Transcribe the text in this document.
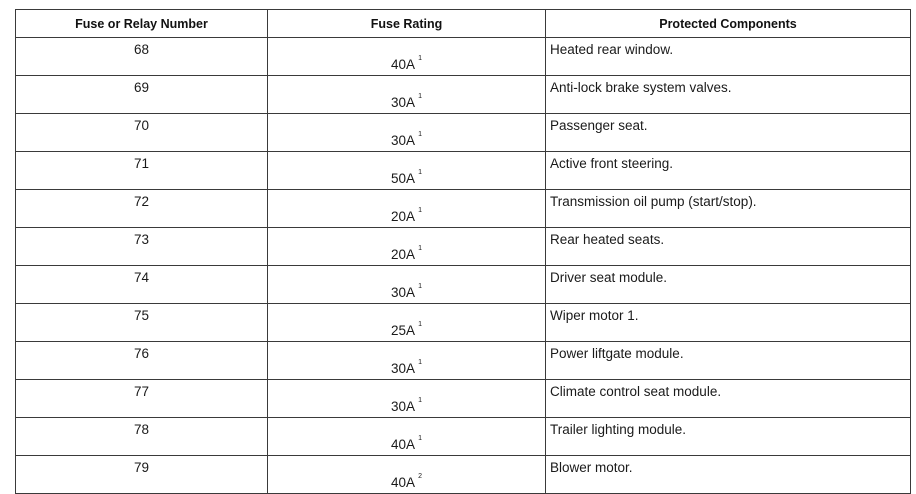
Fuse or Relay Number	Fuse Rating	Protected Components
68	40A $^1$	Heated rear window.
69	30A $^1$	Anti-lock brake system valves.
70	30A $^1$	Passenger seat.
71	50A $^1$	Active front steering.
72	20A $^1$	Transmission oil pump (start/stop).
73	20A $^1$	Rear heated seats.
74	30A $^1$	Driver seat module.
75	25A $^1$	Wiper motor 1.
76	30A $^1$	Power liftgate module.
77	30A $^1$	Climate control seat module.
78	40A $^1$	Trailer lighting module.
79	40A $^2$	Blower motor.
